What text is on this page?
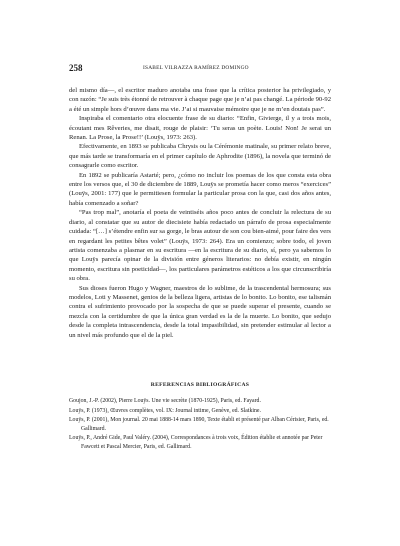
258	ISABEL VILRAZZA RAMÍREZ DOMINGO

del mismo día—, el escritor maduro anotaba una frase que la crítica posterior ha privilegiado, y con razón: “Je suis très étonné de retrouver à chaque page que je n’ai pas changé. La période 90-92 a été un simple hors d’œuvre dans ma vie. J’ai si mauvaise mémoire que je ne m’en doutais pas”.

Inspiraba el comentario otra elocuente frase de su diario: “Enfin, Givierge, il y a trois mois, écoutant mes Rêveries, me disait, rouge de plaisir: ‘Tu seras un poète. Louis! Non! Je serai un Renan. La Prose, la Prose!!’ (Louÿs, 1973: 263).

Efectivamente, en 1893 se publicaba Chrysis ou la Cérémonie matinale, su primer relato breve, que más tarde se transformaría en el primer capítulo de Aphrodite (1896), la novela que terminó de consagrarle como escritor.

En 1892 se publicaría Astarté; pero, ¿cómo no incluir los poemas de los que consta esta obra entre los versos que, el 30 de diciembre de 1889, Louÿs se prometía hacer como meros “exercices” (Louÿs, 2001: 177) que le permitiesen formular la particular prosa con la que, casi dos años antes, había comenzado a soñar?

“Pas trop mal”, anotaría el poeta de veintiséis años poco antes de concluir la relectura de su diario, al constatar que su autor de diecisiete había redactado un párrafo de prosa especialmente cuidada: “[…] s’étendre enfin sur sa gorge, le bras autour de son cou bien-aimé, pour faire des vers en regardant les petites bêtes volet” (Louÿs, 1973: 264). Era un comienzo; sobre todo, el joven artista comenzaba a plasmar en su escritura —en la escritura de su diario, sí, pero ya sabemos lo que Louÿs parecía opinar de la división entre géneros literarios: no debía existir, en ningún momento, escritura sin poeticidad—, los particulares parámetros estéticos a los que circunscribiría su obra.

Sus dioses fueron Hugo y Wagner, maestros de lo sublime, de la trascendental hermosura; sus modelos, Loti y Massenet, genios de la belleza ligera, artistas de lo bonito. Lo bonito, ese talismán contra el sufrimiento provocado por la sospecha de que se puede superar el presente, cuando se mezcla con la certidumbre de que la única gran verdad es la de la muerte. Lo bonito, que sedujo desde la completa intrascendencia, desde la total impasibilidad, sin pretender estimular al lector a un nivel más profundo que el de la piel.

REFERENCIAS BIBLIOGRÁFICAS

Goujon, J.-P. (2002), Pierre Louÿs. Une vie secrète (1870-1925), Paris, ed. Fayard.

Louÿs, P. (1973), Œuvres complètes, vol. IX: Journal intime, Genève, ed. Slatkine.

Louÿs, P. (2001), Mon journal. 20 mai 1888-14 mars 1890, Texte établi et présenté par Alban Cérisier, Paris, ed. Gallimard.

Louÿs, P., André Gide, Paul Valéry. (2004), Correspondances à trois voix, Édition établie et annotée par Peter Fawcett et Pascal Mercier, Paris, ed. Gallimard.
